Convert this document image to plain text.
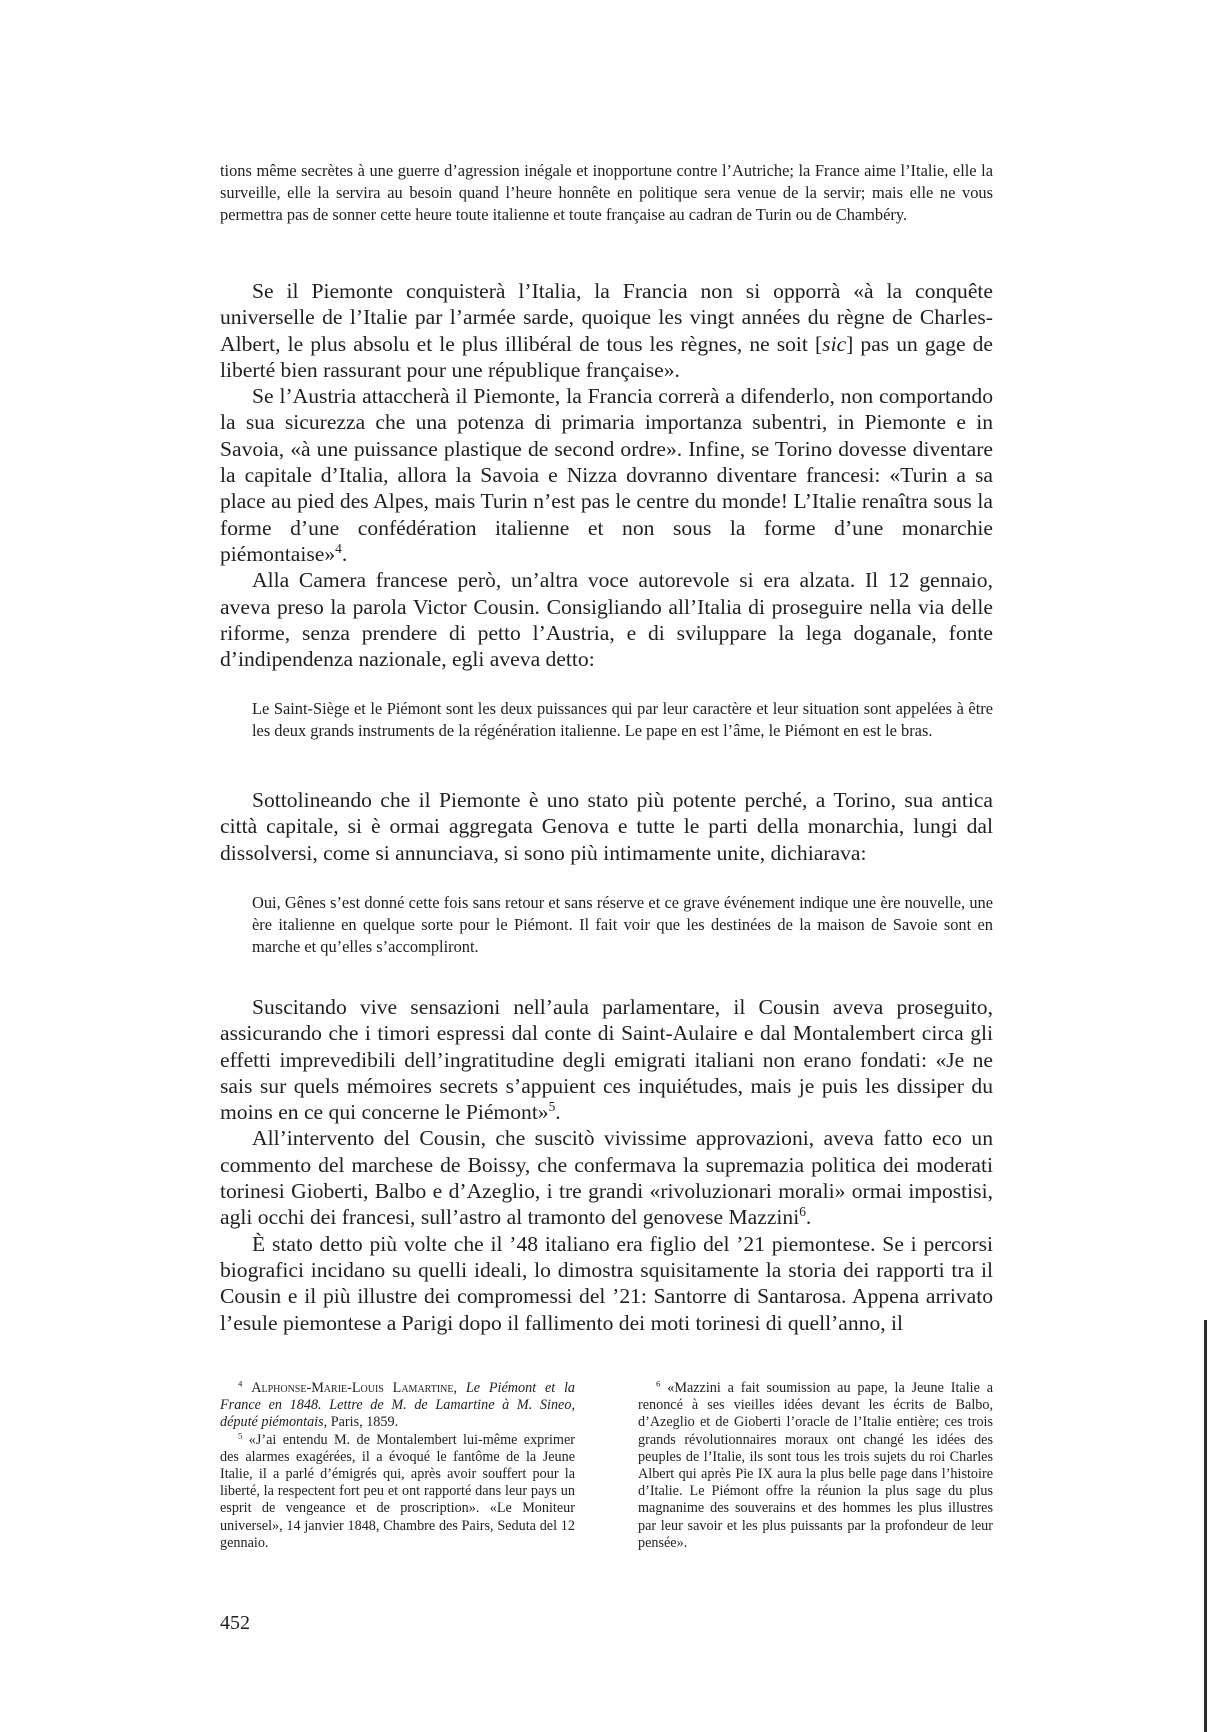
tions même secrètes à une guerre d’agression inégale et inopportune contre l’Autriche; la France aime l’Italie, elle la surveille, elle la servira au besoin quand l’heure honnête en politique sera venue de la servir; mais elle ne vous permettra pas de sonner cette heure toute italienne et toute française au cadran de Turin ou de Chambéry.

Se il Piemonte conquisterà l’Italia, la Francia non si opporrà «à la conquête universelle de l’Italie par l’armée sarde, quoique les vingt années du règne de Charles-Albert, le plus absolu et le plus illibéral de tous les règnes, ne soit [sic] pas un gage de liberté bien rassurant pour une république française».

Se l’Austria attaccherà il Piemonte, la Francia correrà a difenderlo, non comportando la sua sicurezza che una potenza di primaria importanza subentri, in Piemonte e in Savoia, «à une puissance plastique de second ordre». Infine, se Torino dovesse diventare la capitale d’Italia, allora la Savoia e Nizza dovranno diventare francesi: «Turin a sa place au pied des Alpes, mais Turin n’est pas le centre du monde! L’Italie renaîtra sous la forme d’une confédération italienne et non sous la forme d’une monarchie piémontaise»$^4$.

Alla Camera francese però, un’altra voce autorevole si era alzata. Il 12 gennaio, aveva preso la parola Victor Cousin. Consigliando all’Italia di proseguire nella via delle riforme, senza prendere di petto l’Austria, e di sviluppare la lega doganale, fonte d’indipendenza nazionale, egli aveva detto:

Le Saint-Siège et le Piémont sont les deux puissances qui par leur caractère et leur situation sont appelées à être les deux grands instruments de la régénération italienne. Le pape en est l’âme, le Piémont en est le bras.

Sottolineando che il Piemonte è uno stato più potente perché, a Torino, sua antica città capitale, si è ormai aggregata Genova e tutte le parti della monarchia, lungi dal dissolversi, come si annunciava, si sono più intimamente unite, dichiarava:

Oui, Gênes s’est donné cette fois sans retour et sans réserve et ce grave événement indique une ère nouvelle, une ère italienne en quelque sorte pour le Piémont. Il fait voir que les destinées de la maison de Savoie sont en marche et qu’elles s’accompliront.

Suscitando vive sensazioni nell’aula parlamentare, il Cousin aveva proseguito, assicurando che i timori espressi dal conte di Saint-Aulaire e dal Montalembert circa gli effetti imprevedibili dell’ingratitudine degli emigrati italiani non erano fondati: «Je ne sais sur quels mémoires secrets s’appuient ces inquiétudes, mais je puis les dissiper du moins en ce qui concerne le Piémont»$^5$.

All’intervento del Cousin, che suscitò vivissime approvazioni, aveva fatto eco un commento del marchese de Boissy, che confermava la supremazia politica dei moderati torinesi Gioberti, Balbo e d’Azeglio, i tre grandi «rivoluzionari morali» ormai impostisi, agli occhi dei francesi, sull’astro al tramonto del genovese Mazzini$^6$.

È stato detto più volte che il ’48 italiano era figlio del ’21 piemontese. Se i percorsi biografici incidano su quelli ideali, lo dimostra squisitamente la storia dei rapporti tra il Cousin e il più illustre dei compromessi del ’21: Santorre di Santarosa. Appena arrivato l’esule piemontese a Parigi dopo il fallimento dei moti torinesi di quell’anno, il

$^4$ Alphonse-Marie-Louis Lamartine, Le Piémont et la France en 1848. Lettre de M. de Lamartine à M. Sineo, député piémontais, Paris, 1859.

$^5$ «J’ai entendu M. de Montalembert lui-même exprimer des alarmes exagérées, il a évoqué le fantôme de la Jeune Italie, il a parlé d’émigrés qui, après avoir souffert pour la liberté, la respectent fort peu et ont rapporté dans leur pays un esprit de vengeance et de proscription». «Le Moniteur universel», 14 janvier 1848, Chambre des Pairs, Seduta del 12 gennaio.

$^6$ «Mazzini a fait soumission au pape, la Jeune Italie a renoncé à ses vieilles idées devant les écrits de Balbo, d’Azeglio et de Gioberti l’oracle de l’Italie entière; ces trois grands révolutionnaires moraux ont changé les idées des peuples de l’Italie, ils sont tous les trois sujets du roi Charles Albert qui après Pie IX aura la plus belle page dans l’histoire d’Italie. Le Piémont offre la réunion la plus sage du plus magnanime des souverains et des hommes les plus illustres par leur savoir et les plus puissants par la profondeur de leur pensée».

452
